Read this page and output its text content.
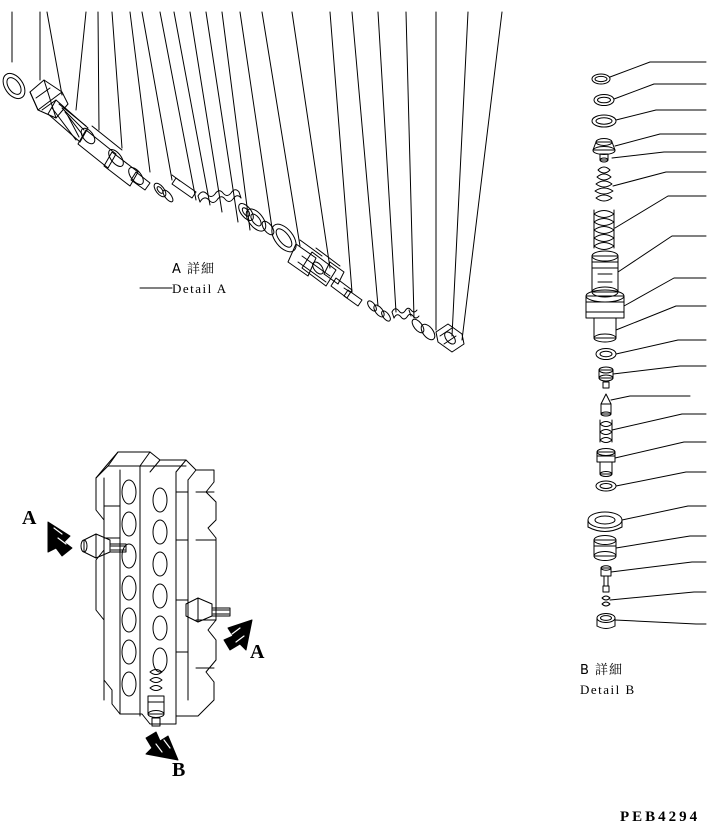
A 詳細
Detail A
B 詳細
Detail B
A
A
B
PEB4294
